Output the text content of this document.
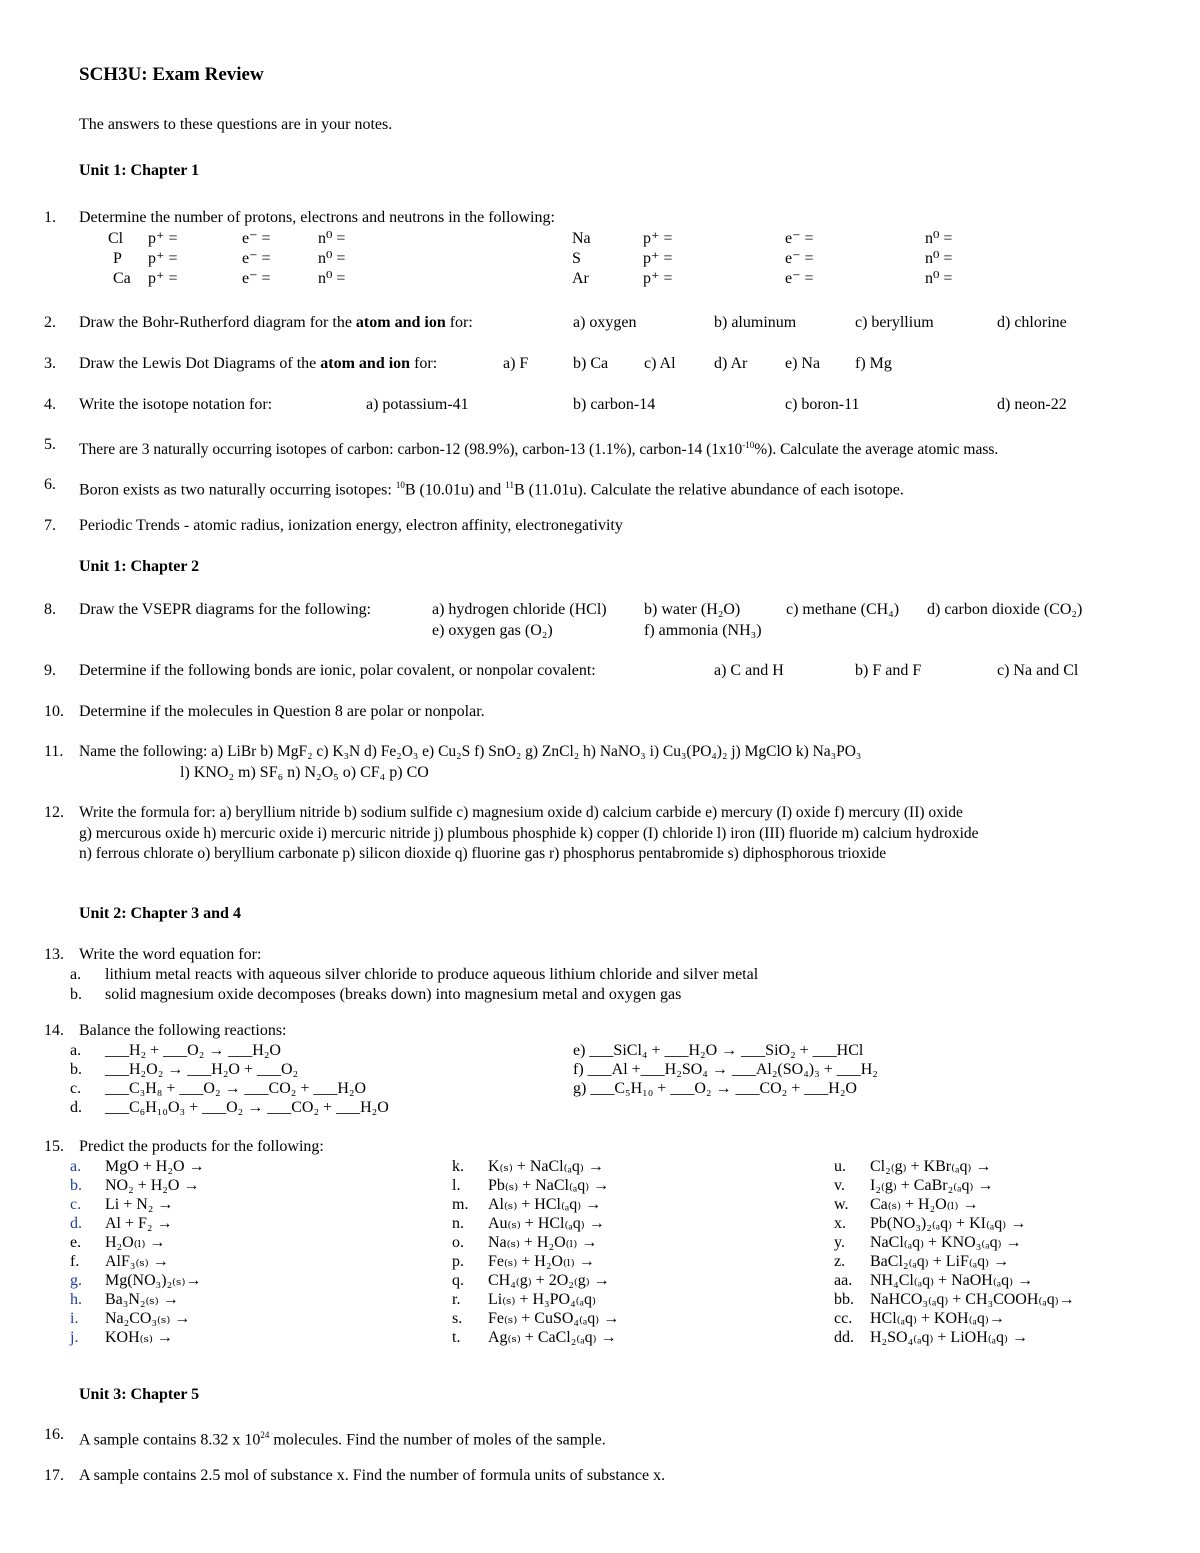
SCH3U: Exam Review
The answers to these questions are in your notes.
Unit 1: Chapter 1
1. Determine the number of protons, electrons and neutrons in the following:
Cl p⁺ =	e⁻ =	n⁰ =
P p⁺ =	e⁻ =	n⁰ =
Ca p⁺ =	e⁻ =	n⁰ =
Na	p⁺ =	e⁻ =	n⁰ =
S	p⁺ =	e⁻ =	n⁰ =
Ar	p⁺ =	e⁻ =	n⁰ =
2. Draw the Bohr-Rutherford diagram for the atom and ion for:	a) oxygen	b) aluminum	c) beryllium	d) chlorine
3. Draw the Lewis Dot Diagrams of the atom and ion for:	a) F	b) Ca c) Al d) Ar e) Na f) Mg
4. Write the isotope notation for:	a) potassium-41	b) carbon-14	c) boron-11	d) neon-22
5. There are 3 naturally occurring isotopes of carbon: carbon-12 (98.9%), carbon-13 (1.1%), carbon-14 $(1x10^{-10}\%)$. Calculate the average atomic mass.
6. Boron exists as two naturally occurring isotopes: $^{10}$B (10.01u) and $^{11}$B (11.01u). Calculate the relative abundance of each isotope.
7. Periodic Trends - atomic radius, ionization energy, electron affinity, electronegativity
Unit 1: Chapter 2
8. Draw the VSEPR diagrams for the following:	a) hydrogen chloride (HCl) b) water (H₂O)	c) methane (CH₄) d) carbon dioxide (CO₂)
e) oxygen gas (O₂)	f) ammonia (NH₃)
9. Determine if the following bonds are ionic, polar covalent, or nonpolar covalent:	a) C and H	b) F and F	c) Na and Cl
10. Determine if the molecules in Question 8 are polar or nonpolar.
11. Name the following: a) LiBr b) MgF₂ c) K₃N d) Fe₂O₃ e) Cu₂S f) SnO₂ g) ZnCl₂ h) NaNO₃ i) Cu₃(PO₄)₂ j) MgClO k) Na₃PO₃
l) KNO₂ m) SF₆ n) N₂O₅ o) CF₄ p) CO
12. Write the formula for: a) beryllium nitride b) sodium sulfide c) magnesium oxide d) calcium carbide e) mercury (I) oxide f) mercury (II) oxide
g) mercurous oxide h) mercuric oxide i) mercuric nitride j) plumbous phosphide k) copper (I) chloride l) iron (III) fluoride m) calcium hydroxide
n) ferrous chlorate o) beryllium carbonate p) silicon dioxide q) fluorine gas r) phosphorus pentabromide s) diphosphorous trioxide
Unit 2: Chapter 3 and 4
13. Write the word equation for:
a. lithium metal reacts with aqueous silver chloride to produce aqueous lithium chloride and silver metal
b. solid magnesium oxide decomposes (breaks down) into magnesium metal and oxygen gas
14. Balance the following reactions:
a. ___H₂ + ___O₂ → ___H₂O
b. ___H₂O₂ → ___H₂O + ___O₂
c. ___C₃H₈ + ___O₂ → ___CO₂ + ___H₂O
d. ___C₆H₁₀O₃ + ___O₂ → ___CO₂ + ___H₂O
e) ___SiCl₄ + ___H₂O → ___SiO₂ + ___HCl
f) ___Al +___H₂SO₄ → ___Al₂(SO₄)₃ + ___H₂
g) ___C₅H₁₀ + ___O₂ → ___CO₂ + ___H₂O
15. Predict the products for the following:
a. MgO + H₂O →
b. NO₂ + H₂O →
c. Li + N₂ →
d. Al + F₂ →
e. H₂O₍ₗ₎ →
f. AlF₃₍ₛ₎ →
g. Mg(NO₃)₂₍ₛ₎→
h. Ba₃N₂₍ₛ₎ →
i. Na₂CO₃₍ₛ₎ →
j. KOH₍ₛ₎ →
k. K₍ₛ₎ + NaCl₍ₐq₎ →
l. Pb₍ₛ₎ + NaCl₍ₐq₎ →
m. Al₍ₛ₎ + HCl₍ₐq₎ →
n. Au₍ₛ₎ + HCl₍ₐq₎ →
o. Na₍ₛ₎ + H₂O₍ₗ₎ →
p. Fe₍ₛ₎ + H₂O₍ₗ₎ →
q. CH₄₍g₎ + 2O₂₍g₎ →
r. Li₍ₛ₎ + H₃PO₄₍ₐq₎
s. Fe₍ₛ₎ + CuSO₄₍ₐq₎ →
t. Ag₍ₛ₎ + CaCl₂₍ₐq₎ →
u. Cl₂₍g₎ + KBr₍ₐq₎ →
v. I₂₍g₎ + CaBr₂₍ₐq₎ →
w. Ca₍ₛ₎ + H₂O₍ₗ₎ →
x. Pb(NO₃)₂₍ₐq₎ + KI₍ₐq₎ →
y. NaCl₍ₐq₎ + KNO₃₍ₐq₎ →
z. BaCl₂₍ₐq₎ + LiF₍ₐq₎ →
aa. NH₄Cl₍ₐq₎ + NaOH₍ₐq₎ →
bb. NaHCO₃₍ₐq₎ + CH₃COOH₍ₐq₎→
cc. HCl₍ₐq₎ + KOH₍ₐq₎→
dd. H₂SO₄₍ₐq₎ + LiOH₍ₐq₎ →
Unit 3: Chapter 5
16. A sample contains 8.32 x $10^{24}$ molecules. Find the number of moles of the sample.
17. A sample contains 2.5 mol of substance x. Find the number of formula units of substance x.
